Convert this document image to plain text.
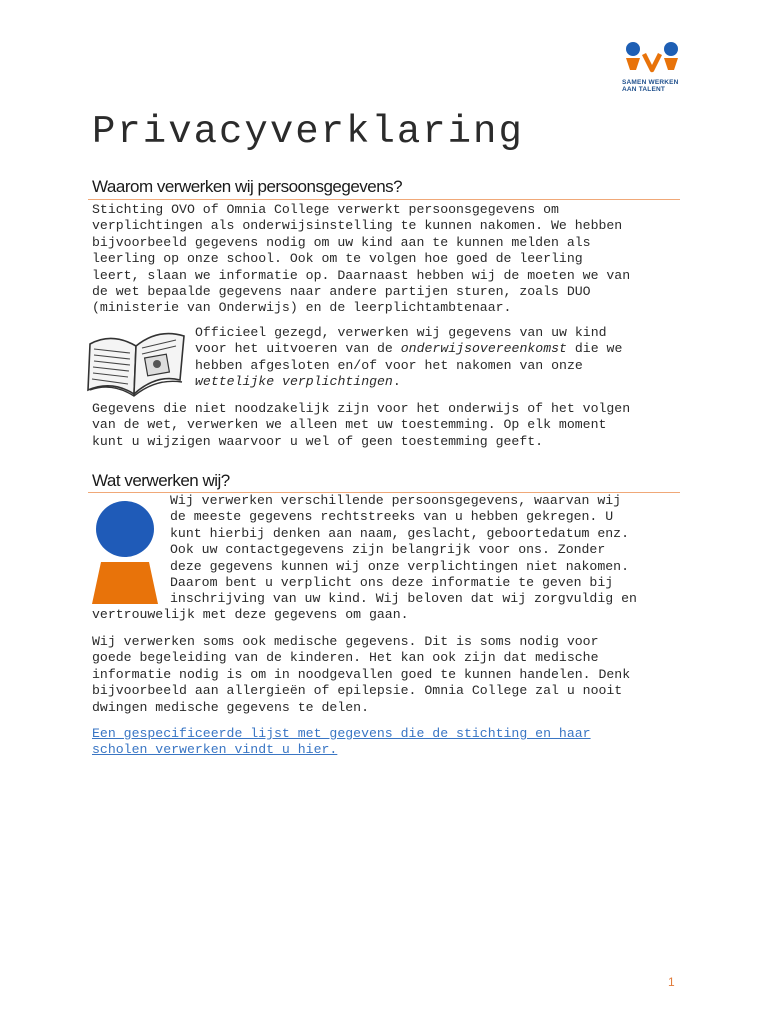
SAMEN WERKEN
AAN TALENT
Privacyverklaring
Waarom verwerken wij persoonsgegevens?
Stichting OVO of Omnia College verwerkt persoonsgegevens om
verplichtingen als onderwijsinstelling te kunnen nakomen. We hebben
bijvoorbeeld gegevens nodig om uw kind aan te kunnen melden als
leerling op onze school. Ook om te volgen hoe goed de leerling
leert, slaan we informatie op. Daarnaast hebben wij de moeten we van
de wet bepaalde gegevens naar andere partijen sturen, zoals DUO
(ministerie van Onderwijs) en de leerplichtambtenaar.
Officieel gezegd, verwerken wij gegevens van uw kind
voor het uitvoeren van de onderwijsovereenkomst die we
hebben afgesloten en/of voor het nakomen van onze
wettelijke verplichtingen.
Gegevens die niet noodzakelijk zijn voor het onderwijs of het volgen
van de wet, verwerken we alleen met uw toestemming. Op elk moment
kunt u wijzigen waarvoor u wel of geen toestemming geeft.
Wat verwerken wij?
Wij verwerken verschillende persoonsgegevens, waarvan wij
de meeste gegevens rechtstreeks van u hebben gekregen. U
kunt hierbij denken aan naam, geslacht, geboortedatum enz.
Ook uw contactgegevens zijn belangrijk voor ons. Zonder
deze gegevens kunnen wij onze verplichtingen niet nakomen.
Daarom bent u verplicht ons deze informatie te geven bij
inschrijving van uw kind. Wij beloven dat wij zorgvuldig en
vertrouwelijk met deze gegevens om gaan.
Wij verwerken soms ook medische gegevens. Dit is soms nodig voor
goede begeleiding van de kinderen. Het kan ook zijn dat medische
informatie nodig is om in noodgevallen goed te kunnen handelen. Denk
bijvoorbeeld aan allergieën of epilepsie. Omnia College zal u nooit
dwingen medische gegevens te delen.
Een gespecificeerde lijst met gegevens die de stichting en haar
scholen verwerken vindt u hier.
1
